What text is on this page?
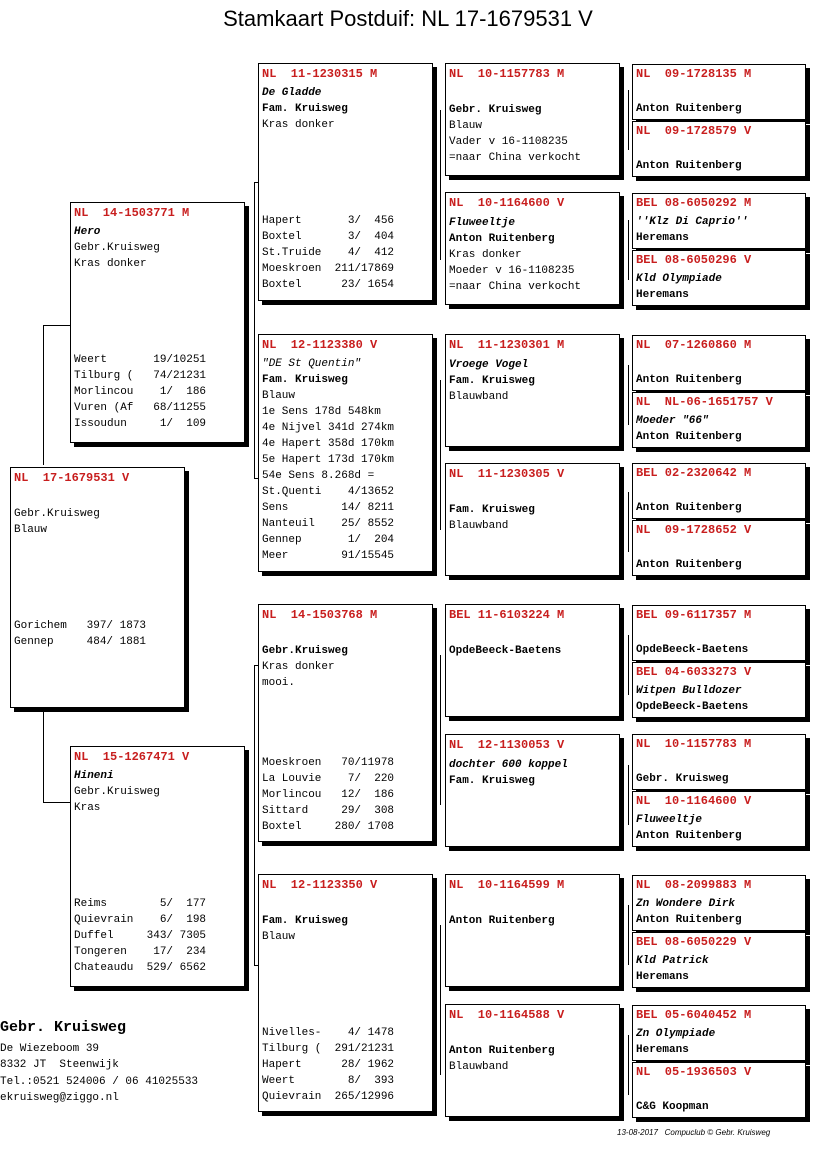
Stamkaart Postduif: NL 17-1679531 V
NL  17-1679531 V
Gebr.Kruisweg
Blauw
Gorichem   397/ 1873
Gennep     484/ 1881
NL  14-1503771 M
Hero
Gebr.Kruisweg
Kras donker
Weert       19/10251
Tilburg (   74/21231
Morlincou    1/  186
Vuren (Af   68/11255
Issoudun     1/  109
NL  15-1267471 V
Hineni
Gebr.Kruisweg
Kras
Reims        5/  177
Quievrain    6/  198
Duffel     343/ 7305
Tongeren    17/  234
Chateaudu  529/ 6562
NL  11-1230315 M
De Gladde
Fam. Kruisweg
Kras donker
Hapert       3/  456
Boxtel       3/  404
St.Truide    4/  412
Moeskroen  211/17869
Boxtel      23/ 1654
NL  12-1123380 V
"DE St Quentin"
Fam. Kruisweg
Blauw
1e Sens 178d 548km
4e Nijvel 341d 274km
4e Hapert 358d 170km
5e Hapert 173d 170km
54e Sens 8.268d =
St.Quenti    4/13652
Sens        14/ 8211
Nanteuil    25/ 8552
Gennep       1/  204
Meer        91/15545
NL  14-1503768 M
Gebr.Kruisweg
Kras donker
mooi.
Moeskroen   70/11978
La Louvie    7/  220
Morlincou   12/  186
Sittard     29/  308
Boxtel     280/ 1708
NL  12-1123350 V
Fam. Kruisweg
Blauw
Nivelles-    4/ 1478
Tilburg (  291/21231
Hapert      28/ 1962
Weert        8/  393
Quievrain  265/12996
NL  10-1157783 M
Gebr. Kruisweg
Blauw
Vader v 16-1108235
=naar China verkocht
NL  10-1164600 V
Fluweeltje
Anton Ruitenberg
Kras donker
Moeder v 16-1108235
=naar China verkocht
NL  11-1230301 M
Vroege Vogel
Fam. Kruisweg
Blauwband
NL  11-1230305 V
Fam. Kruisweg
Blauwband
BEL 11-6103224 M
OpdeBeeck-Baetens
NL  12-1130053 V
dochter 600 koppel
Fam. Kruisweg
NL  10-1164599 M
Anton Ruitenberg
NL  10-1164588 V
Anton Ruitenberg
Blauwband
NL  09-1728135 M
Anton Ruitenberg
NL  09-1728579 V
Anton Ruitenberg
BEL 08-6050292 M
''Klz Di Caprio''
Heremans
BEL 08-6050296 V
Kld Olympiade
Heremans
NL  07-1260860 M
Anton Ruitenberg
NL  NL-06-1651757 V
Moeder "66"
Anton Ruitenberg
BEL 02-2320642 M
Anton Ruitenberg
NL  09-1728652 V
Anton Ruitenberg
BEL 09-6117357 M
OpdeBeeck-Baetens
BEL 04-6033273 V
Witpen Bulldozer
OpdeBeeck-Baetens
NL  10-1157783 M
Gebr. Kruisweg
NL  10-1164600 V
Fluweeltje
Anton Ruitenberg
NL  08-2099883 M
Zn Wondere Dirk
Anton Ruitenberg
BEL 08-6050229 V
Kld Patrick
Heremans
BEL 05-6040452 M
Zn Olympiade
Heremans
NL  05-1936503 V
C&G Koopman
Gebr. Kruisweg
De Wiezeboom 39
8332 JT  Steenwijk
Tel.:0521 524006 / 06 41025533
ekruisweg@ziggo.nl
13-08-2017   Compuclub © Gebr. Kruisweg
